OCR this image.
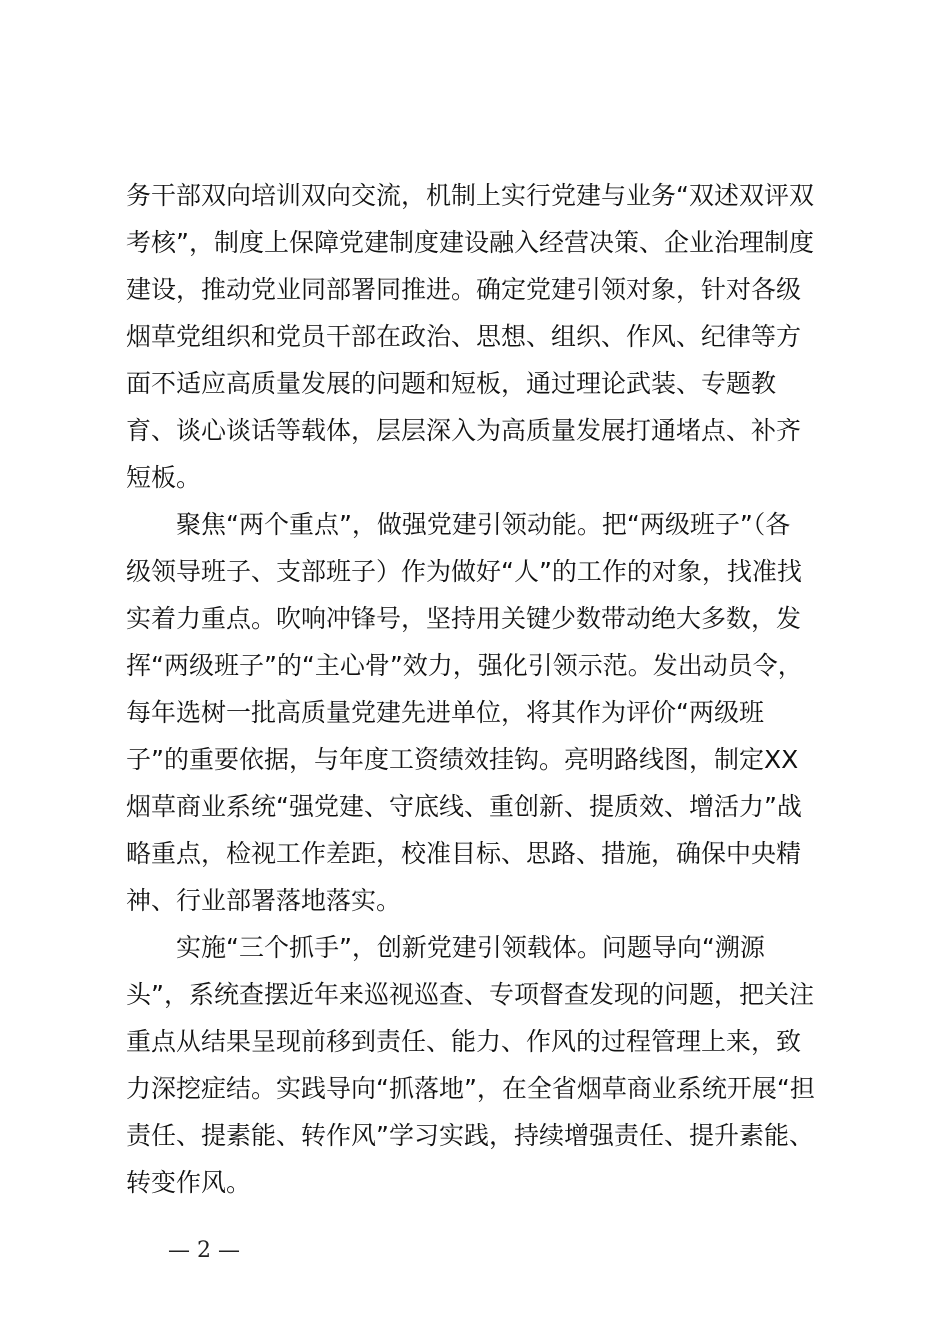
务干部双向培训双向交流，机制上实行党建与业务“双述双评双
考核”，制度上保障党建制度建设融入经营决策、企业治理制度
建设，推动党业同部署同推进。确定党建引领对象，针对各级
烟草党组织和党员干部在政治、思想、组织、作风、纪律等方
面不适应高质量发展的问题和短板，通过理论武装、专题教
育、谈心谈话等载体，层层深入为高质量发展打通堵点、补齐
短板。
　　聚焦“两个重点”，做强党建引领动能。把“两级班子”（各
级领导班子、支部班子）作为做好“人”的工作的对象，找准找
实着力重点。吹响冲锋号，坚持用关键少数带动绝大多数，发
挥“两级班子”的“主心骨”效力，强化引领示范。发出动员令，
每年选树一批高质量党建先进单位，将其作为评价“两级班
子”的重要依据，与年度工资绩效挂钩。亮明路线图，制定XX
烟草商业系统“强党建、守底线、重创新、提质效、增活力”战
略重点，检视工作差距，校准目标、思路、措施，确保中央精
神、行业部署落地落实。
　　实施“三个抓手”，创新党建引领载体。问题导向“溯源
头”，系统查摆近年来巡视巡查、专项督查发现的问题，把关注
重点从结果呈现前移到责任、能力、作风的过程管理上来，致
力深挖症结。实践导向“抓落地”，在全省烟草商业系统开展“担
责任、提素能、转作风”学习实践，持续增强责任、提升素能、
转变作风。
— 2 —
